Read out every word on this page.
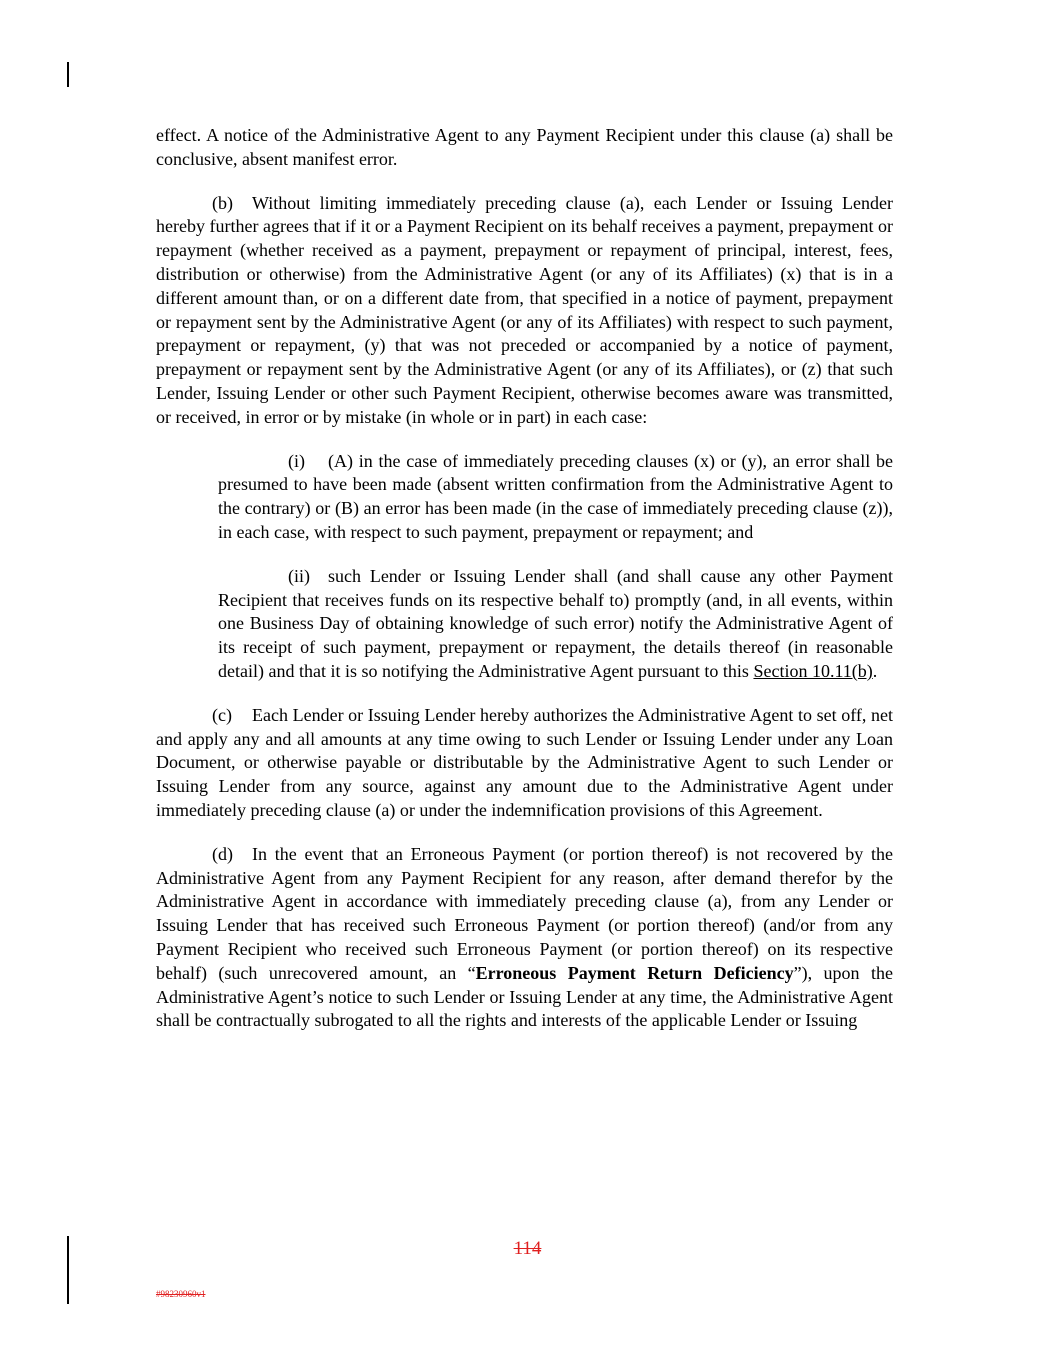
effect. A notice of the Administrative Agent to any Payment Recipient under this clause (a) shall be conclusive, absent manifest error.

(b) Without limiting immediately preceding clause (a), each Lender or Issuing Lender hereby further agrees that if it or a Payment Recipient on its behalf receives a payment, prepayment or repayment (whether received as a payment, prepayment or repayment of principal, interest, fees, distribution or otherwise) from the Administrative Agent (or any of its Affiliates) (x) that is in a different amount than, or on a different date from, that specified in a notice of payment, prepayment or repayment sent by the Administrative Agent (or any of its Affiliates) with respect to such payment, prepayment or repayment, (y) that was not preceded or accompanied by a notice of payment, prepayment or repayment sent by the Administrative Agent (or any of its Affiliates), or (z) that such Lender, Issuing Lender or other such Payment Recipient, otherwise becomes aware was transmitted, or received, in error or by mistake (in whole or in part) in each case:

(i) (A) in the case of immediately preceding clauses (x) or (y), an error shall be presumed to have been made (absent written confirmation from the Administrative Agent to the contrary) or (B) an error has been made (in the case of immediately preceding clause (z)), in each case, with respect to such payment, prepayment or repayment; and

(ii) such Lender or Issuing Lender shall (and shall cause any other Payment Recipient that receives funds on its respective behalf to) promptly (and, in all events, within one Business Day of obtaining knowledge of such error) notify the Administrative Agent of its receipt of such payment, prepayment or repayment, the details thereof (in reasonable detail) and that it is so notifying the Administrative Agent pursuant to this Section 10.11(b).

(c) Each Lender or Issuing Lender hereby authorizes the Administrative Agent to set off, net and apply any and all amounts at any time owing to such Lender or Issuing Lender under any Loan Document, or otherwise payable or distributable by the Administrative Agent to such Lender or Issuing Lender from any source, against any amount due to the Administrative Agent under immediately preceding clause (a) or under the indemnification provisions of this Agreement.

(d) In the event that an Erroneous Payment (or portion thereof) is not recovered by the Administrative Agent from any Payment Recipient for any reason, after demand therefor by the Administrative Agent in accordance with immediately preceding clause (a), from any Lender or Issuing Lender that has received such Erroneous Payment (or portion thereof) (and/or from any Payment Recipient who received such Erroneous Payment (or portion thereof) on its respective behalf) (such unrecovered amount, an “Erroneous Payment Return Deficiency”), upon the Administrative Agent’s notice to such Lender or Issuing Lender at any time, the Administrative Agent shall be contractually subrogated to all the rights and interests of the applicable Lender or Issuing

114
#98230960v1
